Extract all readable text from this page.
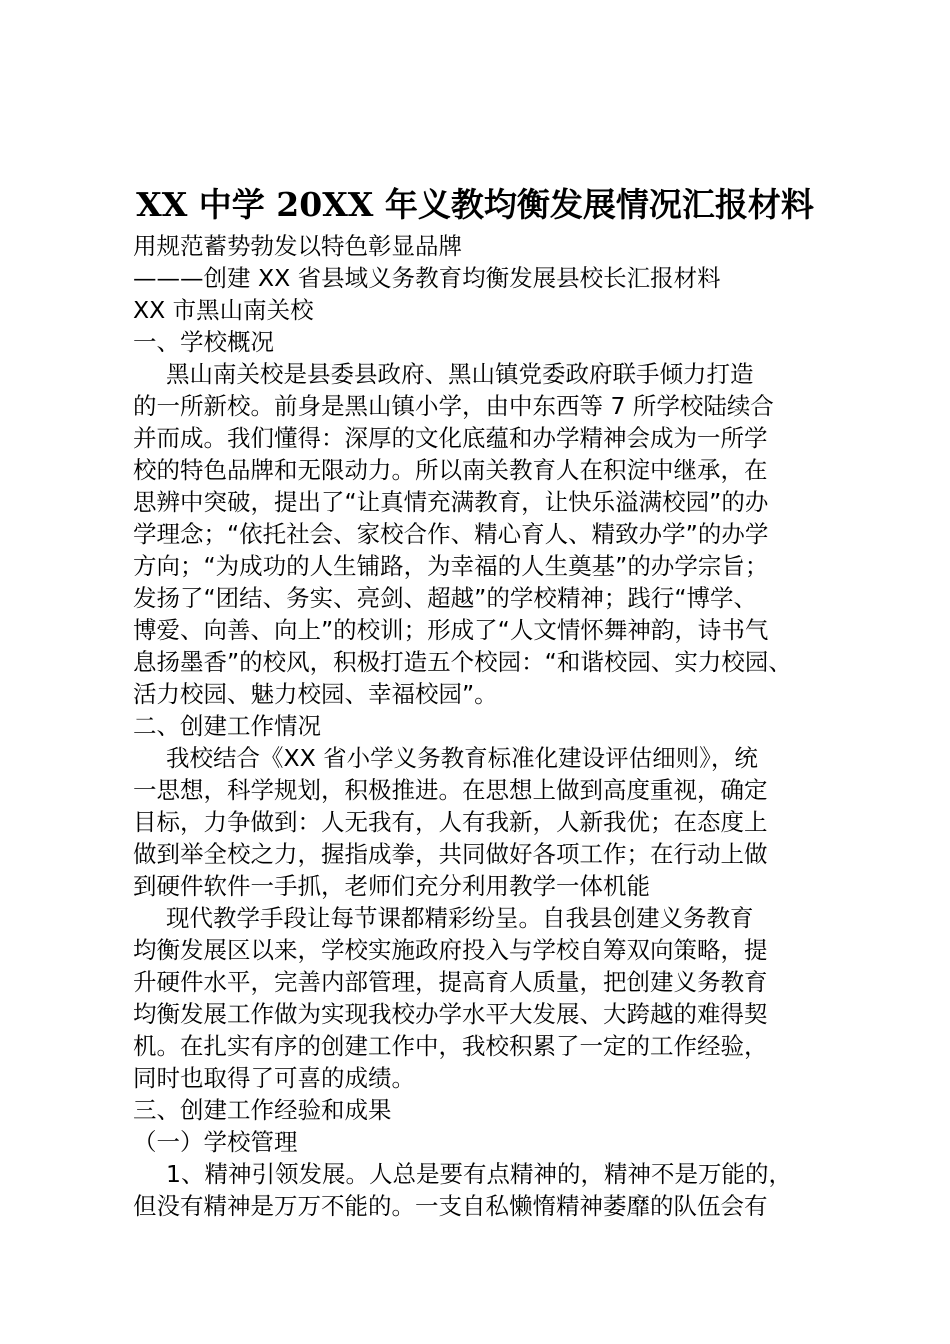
XX 中学 20XX 年义教均衡发展情况汇报材料

用规范蓄势勃发以特色彰显品牌

———创建 XX 省县域义务教育均衡发展县校长汇报材料

XX 市黑山南关校

一、学校概况

黑山南关校是县委县政府、黑山镇党委政府联手倾力打造
的一所新校。前身是黑山镇小学，由中东西等 7 所学校陆续合
并而成。我们懂得：深厚的文化底蕴和办学精神会成为一所学
校的特色品牌和无限动力。所以南关教育人在积淀中继承，在
思辨中突破，提出了“让真情充满教育，让快乐溢满校园”的办
学理念；“依托社会、家校合作、精心育人、精致办学”的办学
方向；“为成功的人生铺路，为幸福的人生奠基”的办学宗旨；
发扬了“团结、务实、亮剑、超越”的学校精神；践行“博学、
博爱、向善、向上”的校训；形成了“人文情怀舞神韵，诗书气
息扬墨香”的校风，积极打造五个校园：“和谐校园、实力校园、
活力校园、魅力校园、幸福校园”。

二、创建工作情况

我校结合《XX 省小学义务教育标准化建设评估细则》，统
一思想，科学规划，积极推进。在思想上做到高度重视，确定
目标，力争做到：人无我有，人有我新，人新我优；在态度上
做到举全校之力，握指成拳，共同做好各项工作；在行动上做
到硬件软件一手抓，老师们充分利用教学一体机能
现代教学手段让每节课都精彩纷呈。自我县创建义务教育
均衡发展区以来，学校实施政府投入与学校自筹双向策略，提
升硬件水平，完善内部管理，提高育人质量，把创建义务教育
均衡发展工作做为实现我校办学水平大发展、大跨越的难得契
机。在扎实有序的创建工作中，我校积累了一定的工作经验，
同时也取得了可喜的成绩。

三、创建工作经验和成果

（一）学校管理

1、精神引领发展。人总是要有点精神的，精神不是万能的，
但没有精神是万万不能的。一支自私懒惰精神萎靡的队伍会有
